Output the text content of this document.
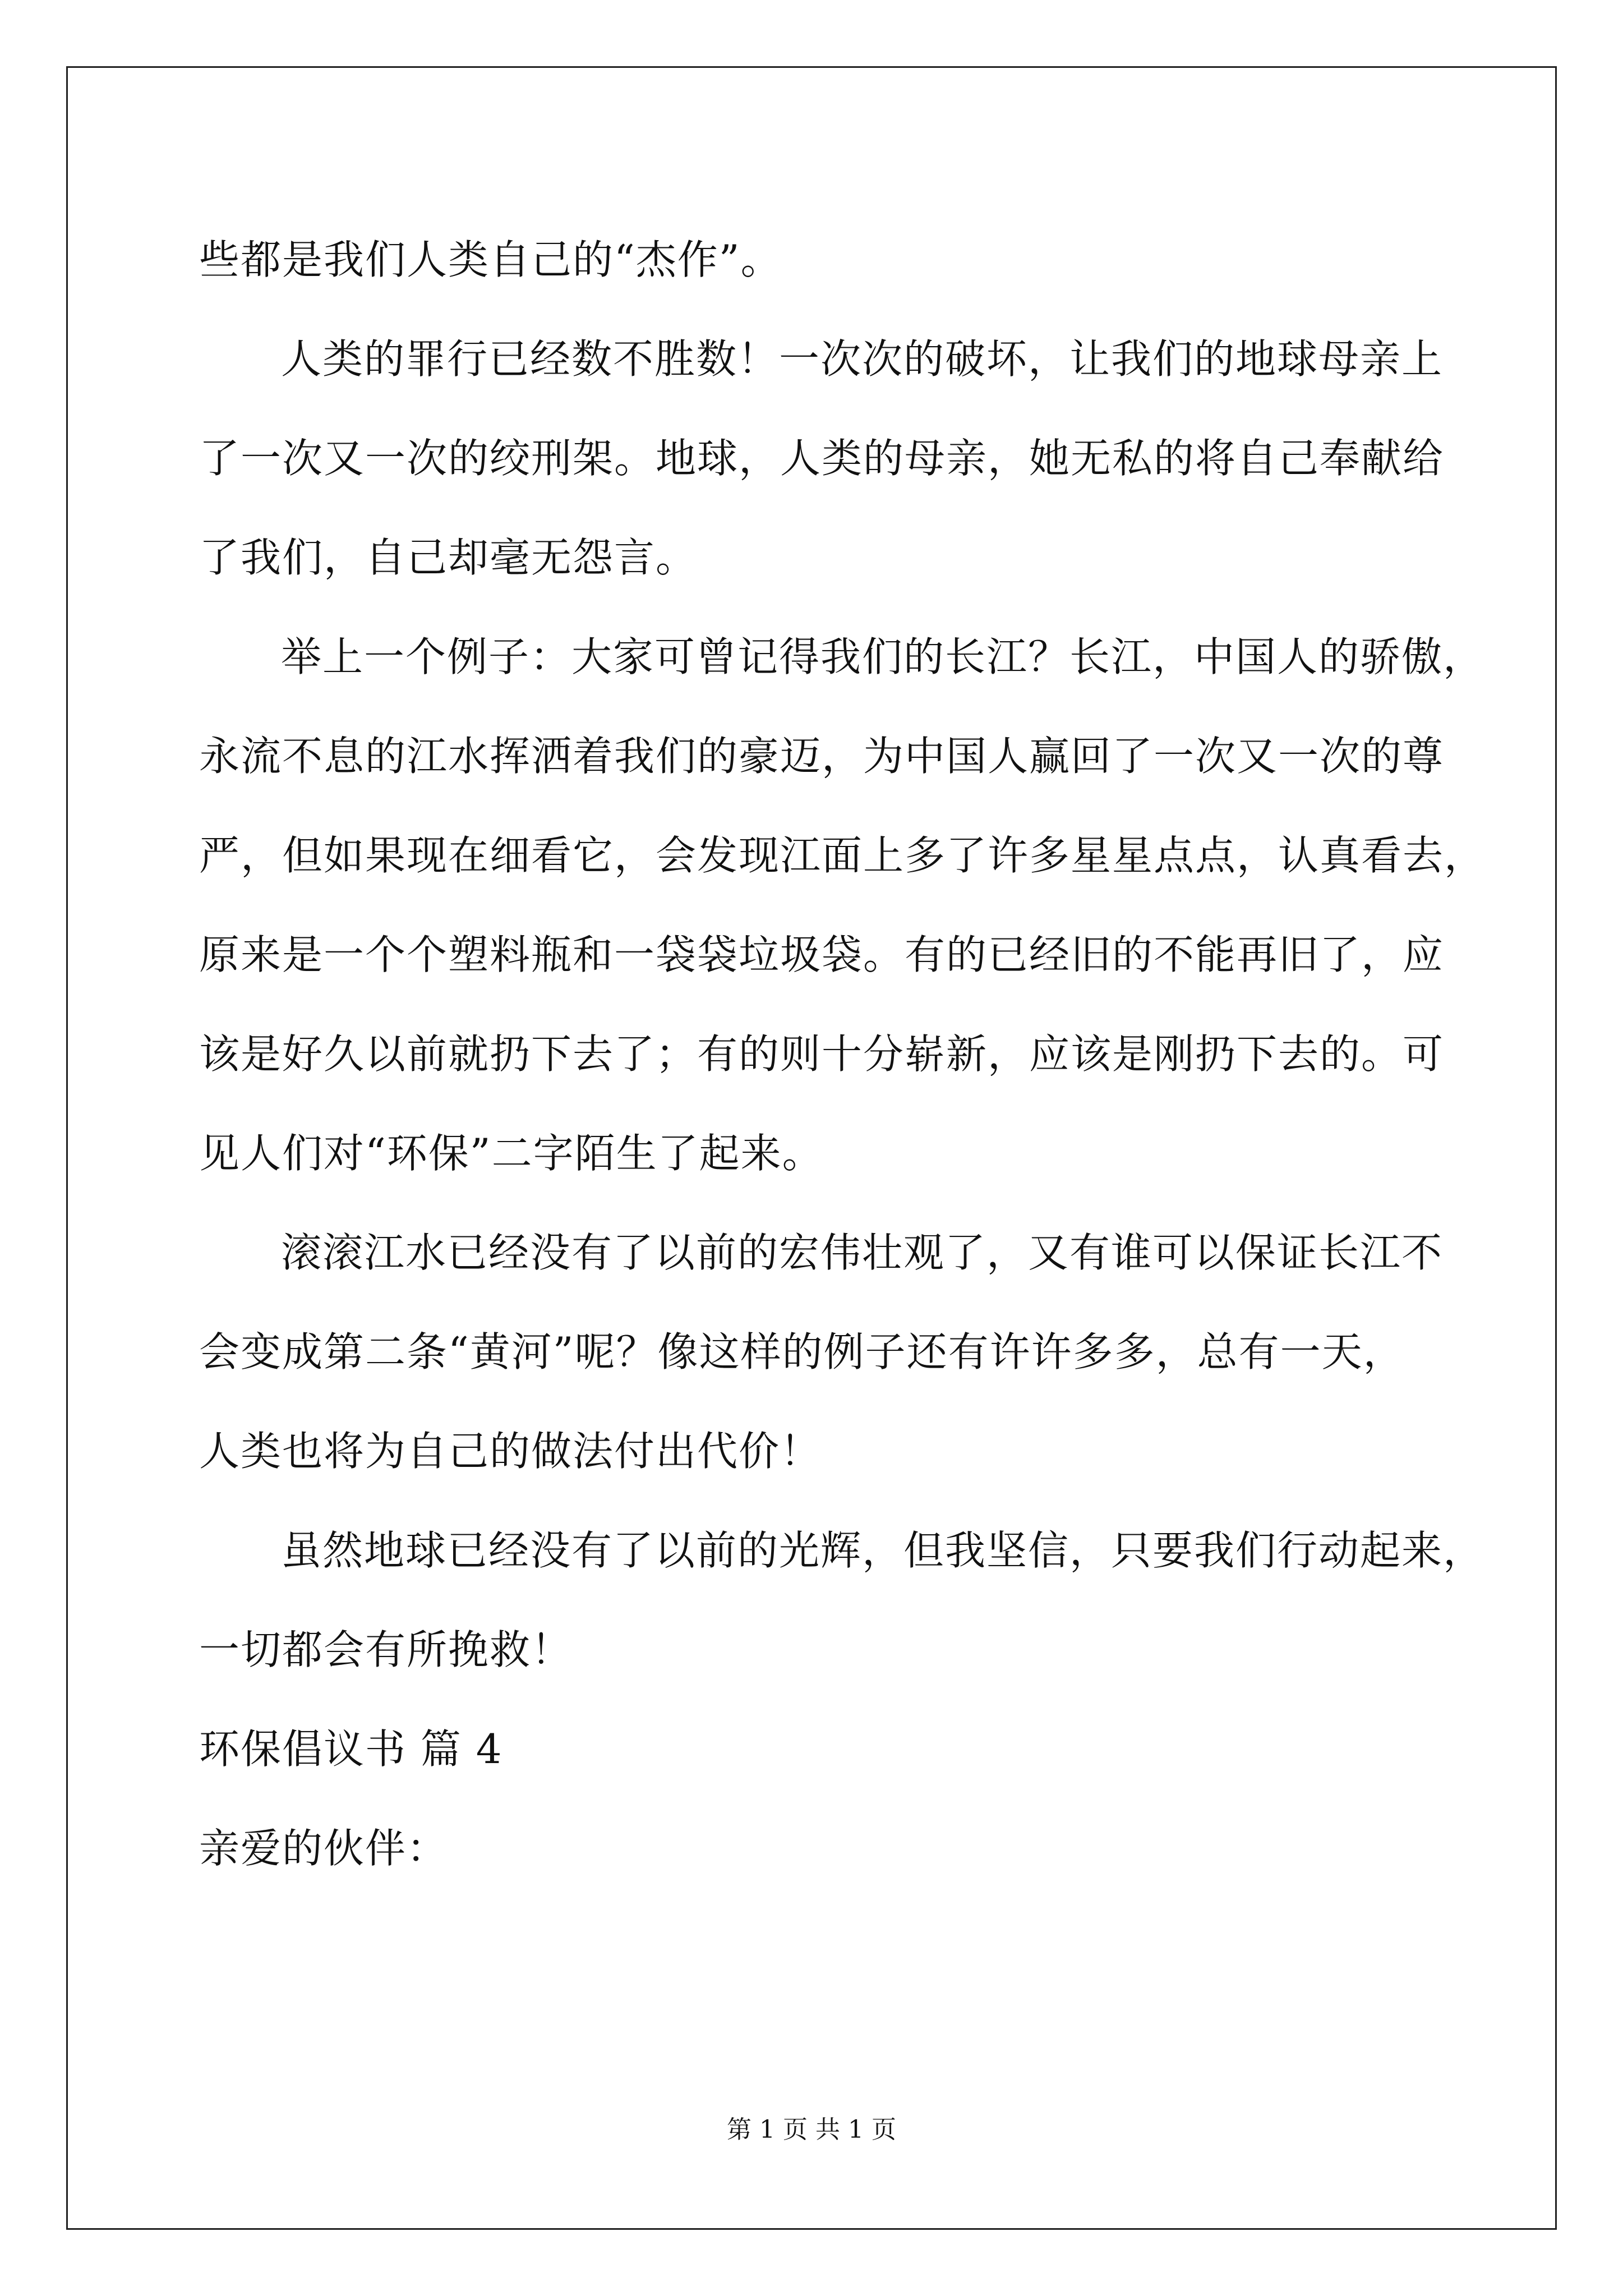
些都是我们人类自己的“杰作”。
人类的罪行已经数不胜数！一次次的破坏，让我们的地球母亲上
了一次又一次的绞刑架。地球，人类的母亲，她无私的将自己奉献给
了我们，自己却毫无怨言。
举上一个例子：大家可曾记得我们的长江？长江，中国人的骄傲，
永流不息的江水挥洒着我们的豪迈，为中国人赢回了一次又一次的尊
严，但如果现在细看它，会发现江面上多了许多星星点点，认真看去，
原来是一个个塑料瓶和一袋袋垃圾袋。有的已经旧的不能再旧了，应
该是好久以前就扔下去了；有的则十分崭新，应该是刚扔下去的。可
见人们对“环保”二字陌生了起来。
滚滚江水已经没有了以前的宏伟壮观了，又有谁可以保证长江不
会变成第二条“黄河”呢？像这样的例子还有许许多多，总有一天，
人类也将为自己的做法付出代价！
虽然地球已经没有了以前的光辉，但我坚信，只要我们行动起来，
一切都会有所挽救！
环保倡议书 篇 4
亲爱的伙伴：
第 1 页 共 1 页
